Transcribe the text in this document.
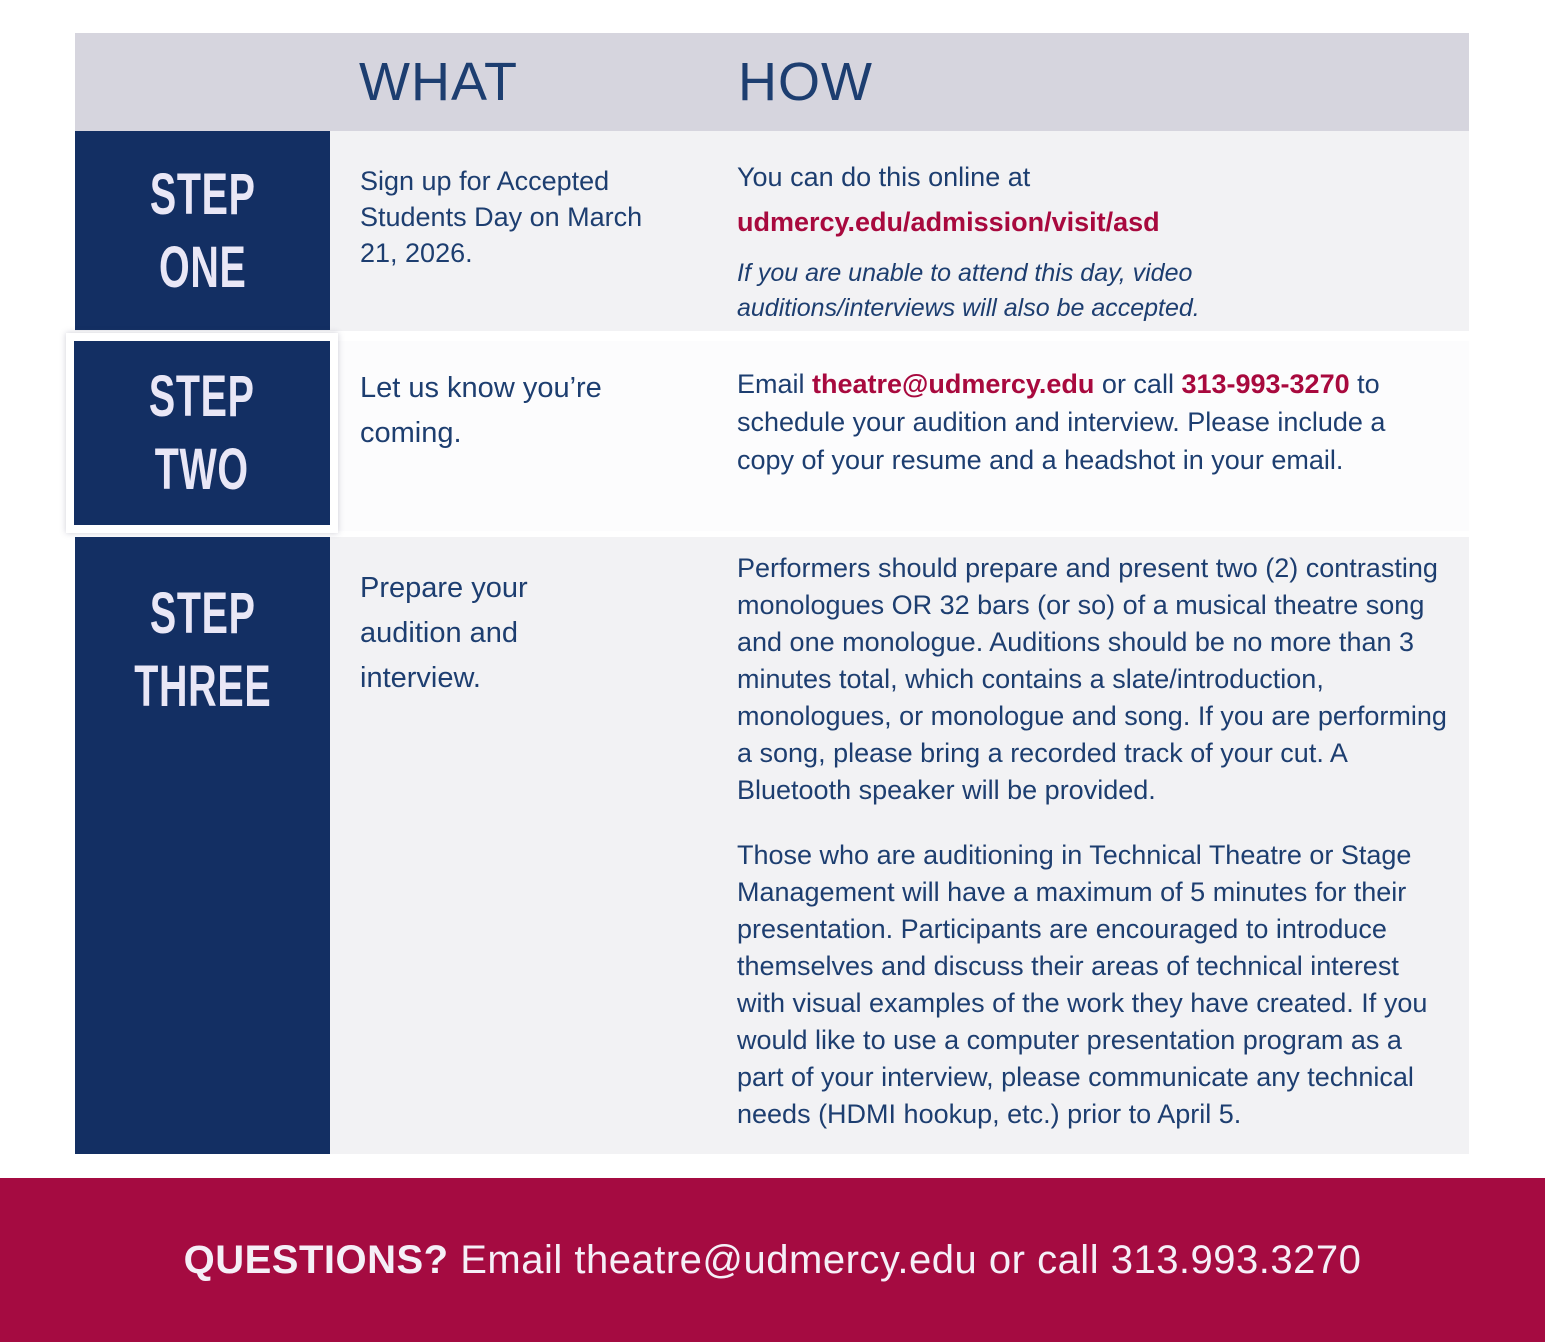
WHAT	HOW
STEP
ONE
STEP
TWO
STEP
THREE
Sign up for Accepted Students Day on March 21, 2026.
You can do this online at
udmercy.edu/admission/visit/asd
If you are unable to attend this day, video auditions/interviews will also be accepted.
Let us know you’re coming.
Email theatre@udmercy.edu or call 313-993-3270 to schedule your audition and interview. Please include a copy of your resume and a headshot in your email.
Prepare your audition and interview.

Performers should prepare and present two (2) contrasting monologues OR 32 bars (or so) of a musical theatre song and one monologue. Auditions should be no more than 3 minutes total, which contains a slate/introduction, monologues, or monologue and song. If you are performing a song, please bring a recorded track of your cut. A Bluetooth speaker will be provided.

Those who are auditioning in Technical Theatre or Stage Management will have a maximum of 5 minutes for their presentation. Participants are encouraged to introduce themselves and discuss their areas of technical interest with visual examples of the work they have created. If you would like to use a computer presentation program as a part of your interview, please communicate any technical needs (HDMI hookup, etc.) prior to April 5.

QUESTIONS? Email theatre@udmercy.edu or call 313.993.3270
